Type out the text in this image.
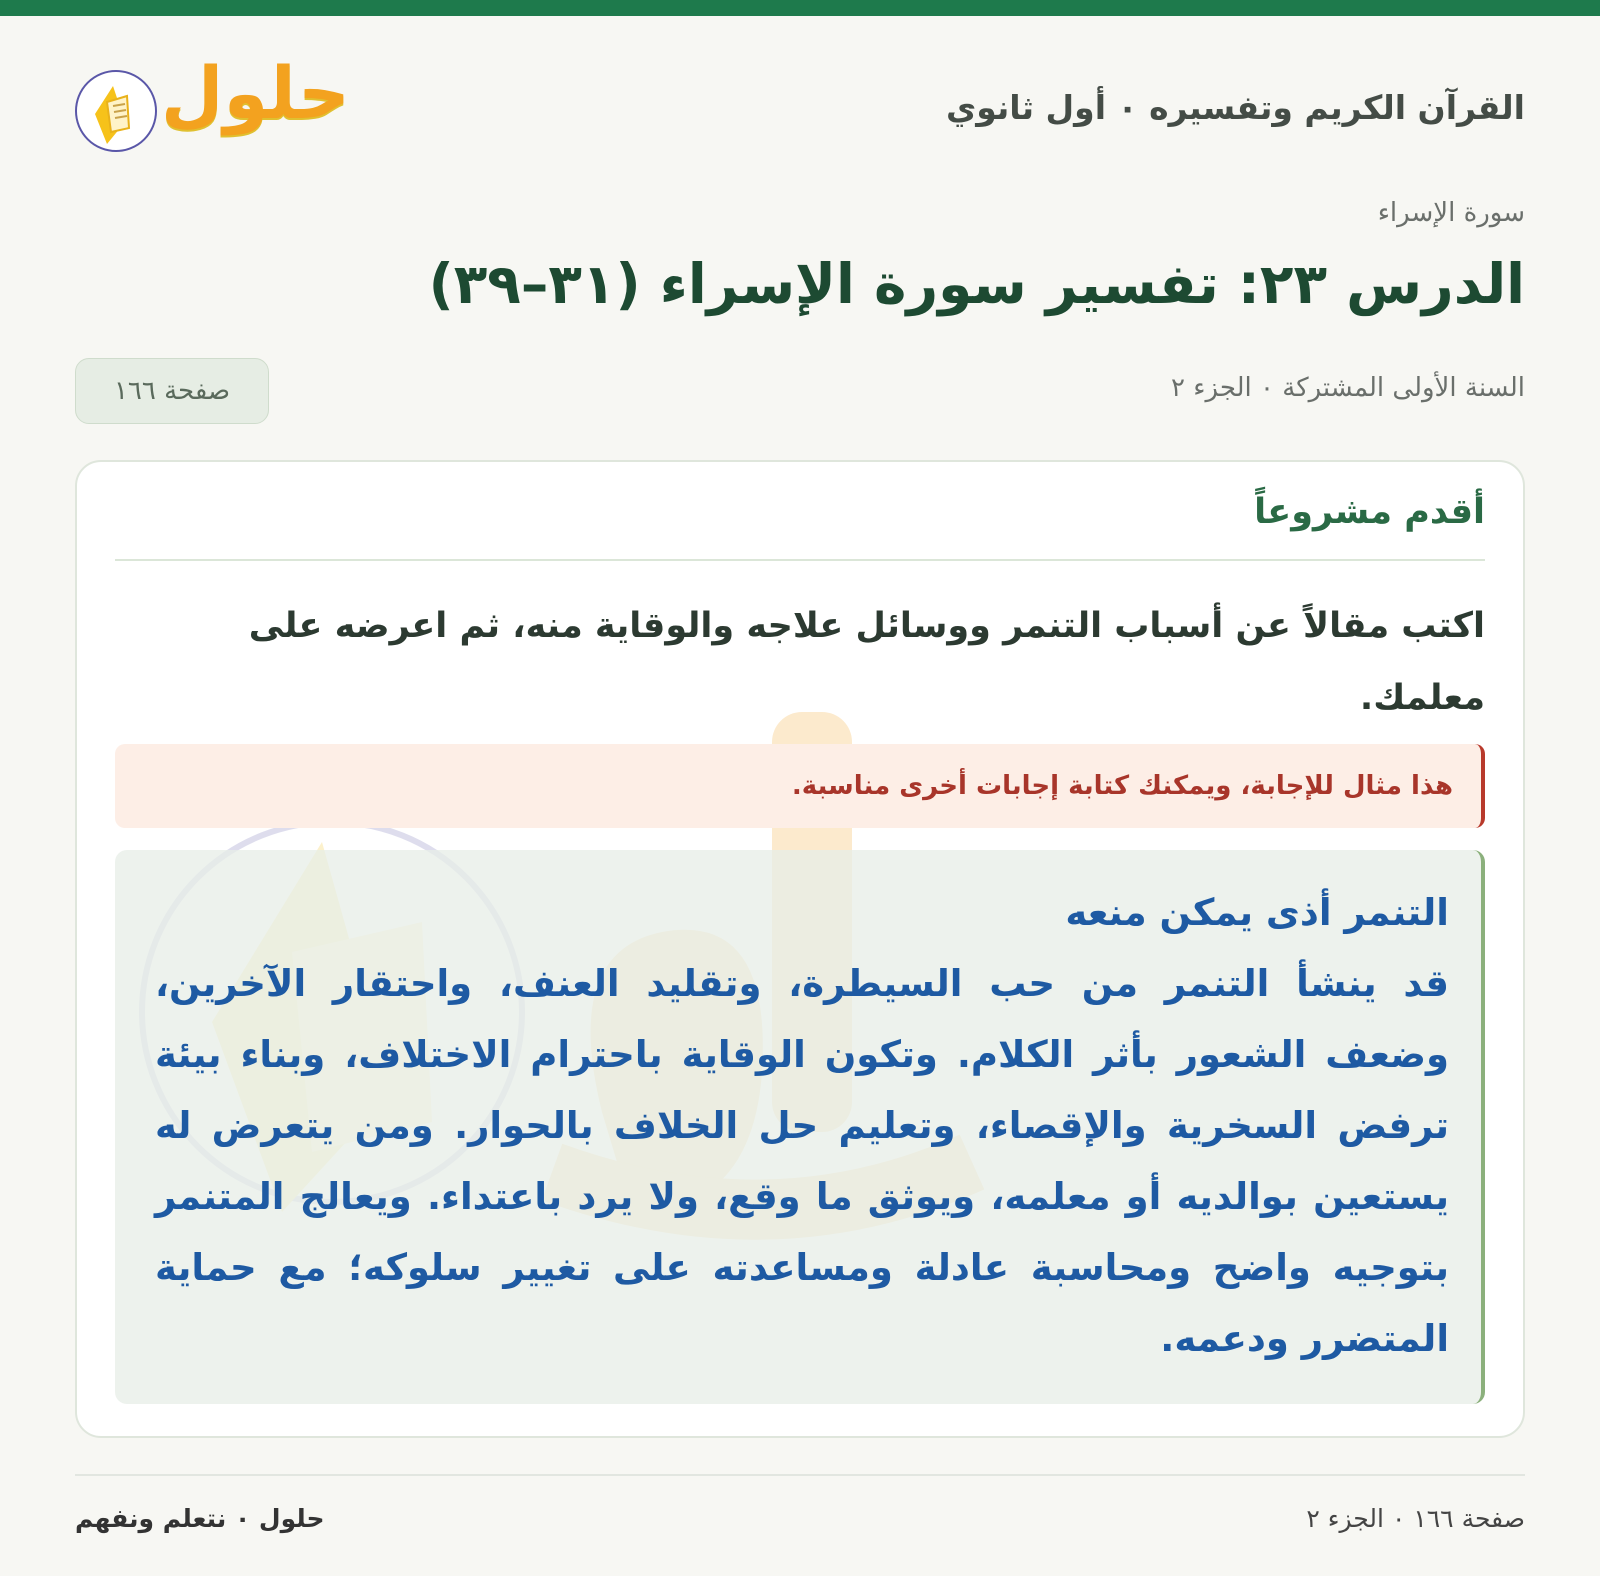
القرآن الكريم وتفسيره ٠ أول ثانوي
حلول
سورة الإسراء
الدرس ٢٣: تفسير سورة الإسراء (٣١–٣٩)
السنة الأولى المشتركة ٠ الجزء ٢
صفحة ١٦٦
أقدم مشروعاً

اكتب مقالاً عن أسباب التنمر ووسائل علاجه والوقاية منه، ثم اعرضه على معلمك.

هذا مثال للإجابة، ويمكنك كتابة إجابات أخرى مناسبة.
التنمر أذى يمكن منعه

قد ينشأ التنمر من حب السيطرة، وتقليد العنف، واحتقار الآخرين، وضعف الشعور بأثر الكلام. وتكون الوقاية باحترام الاختلاف، وبناء بيئة ترفض السخرية والإقصاء، وتعليم حل الخلاف بالحوار. ومن يتعرض له يستعين بوالديه أو معلمه، ويوثق ما وقع، ولا يرد باعتداء. ويعالج المتنمر بتوجيه واضح ومحاسبة عادلة ومساعدته على تغيير سلوكه؛ مع حماية المتضرر ودعمه.

حلول ٠ نتعلم ونفهم	صفحة ١٦٦ ٠ الجزء ٢
